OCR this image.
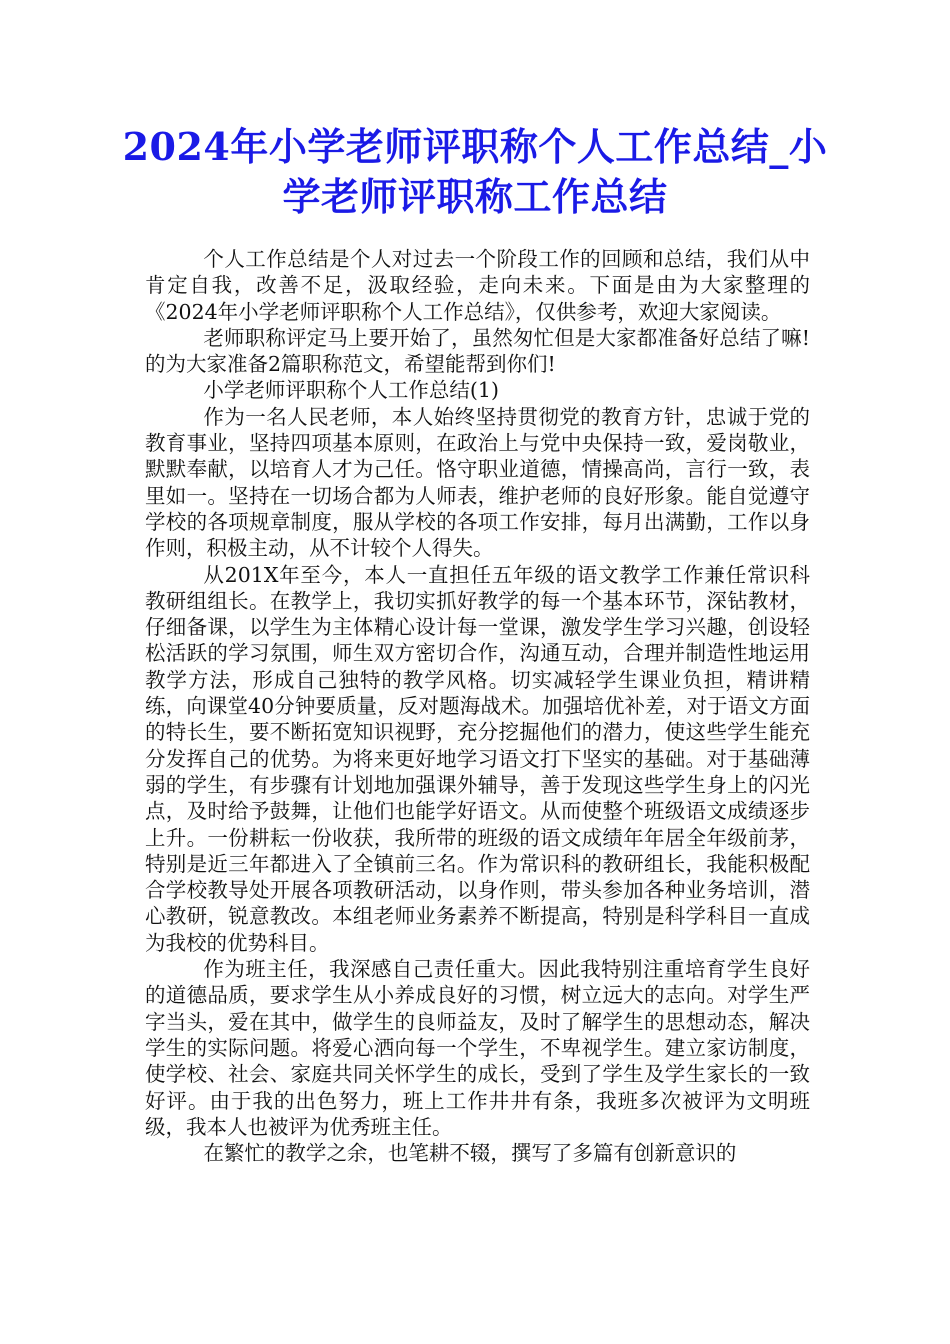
2024年小学老师评职称个人工作总结_小学老师评职称工作总结

个人工作总结是个人对过去一个阶段工作的回顾和总结，我们从中肯定自我，改善不足，汲取经验，走向未来。下面是由为大家整理的《2024年小学老师评职称个人工作总结》，仅供参考，欢迎大家阅读。

老师职称评定马上要开始了，虽然匆忙但是大家都准备好总结了嘛!的为大家准备2篇职称范文，希望能帮到你们!

小学老师评职称个人工作总结(1)

作为一名人民老师，本人始终坚持贯彻党的教育方针，忠诚于党的教育事业，坚持四项基本原则，在政治上与党中央保持一致，爱岗敬业，默默奉献，以培育人才为己任。恪守职业道德，情操高尚，言行一致，表里如一。坚持在一切场合都为人师表，维护老师的良好形象。能自觉遵守学校的各项规章制度，服从学校的各项工作安排，每月出满勤，工作以身作则，积极主动，从不计较个人得失。

从201X年至今，本人一直担任五年级的语文教学工作兼任常识科教研组组长。在教学上，我切实抓好教学的每一个基本环节，深钻教材，仔细备课，以学生为主体精心设计每一堂课，激发学生学习兴趣，创设轻松活跃的学习氛围，师生双方密切合作，沟通互动，合理并制造性地运用教学方法，形成自己独特的教学风格。切实减轻学生课业负担，精讲精练，向课堂40分钟要质量，反对题海战术。加强培优补差，对于语文方面的特长生，要不断拓宽知识视野，充分挖掘他们的潜力，使这些学生能充分发挥自己的优势。为将来更好地学习语文打下坚实的基础。对于基础薄弱的学生，有步骤有计划地加强课外辅导，善于发现这些学生身上的闪光点，及时给予鼓舞，让他们也能学好语文。从而使整个班级语文成绩逐步上升。一份耕耘一份收获，我所带的班级的语文成绩年年居全年级前茅，特别是近三年都进入了全镇前三名。作为常识科的教研组长，我能积极配合学校教导处开展各项教研活动，以身作则，带头参加各种业务培训，潜心教研，锐意教改。本组老师业务素养不断提高，特别是科学科目一直成为我校的优势科目。

作为班主任，我深感自己责任重大。因此我特别注重培育学生良好的道德品质，要求学生从小养成良好的习惯，树立远大的志向。对学生严字当头，爱在其中，做学生的良师益友，及时了解学生的思想动态，解决学生的实际问题。将爱心洒向每一个学生，不卑视学生。建立家访制度，使学校、社会、家庭共同关怀学生的成长，受到了学生及学生家长的一致好评。由于我的出色努力，班上工作井井有条，我班多次被评为文明班级，我本人也被评为优秀班主任。

在繁忙的教学之余，也笔耕不辍，撰写了多篇有创新意识的
